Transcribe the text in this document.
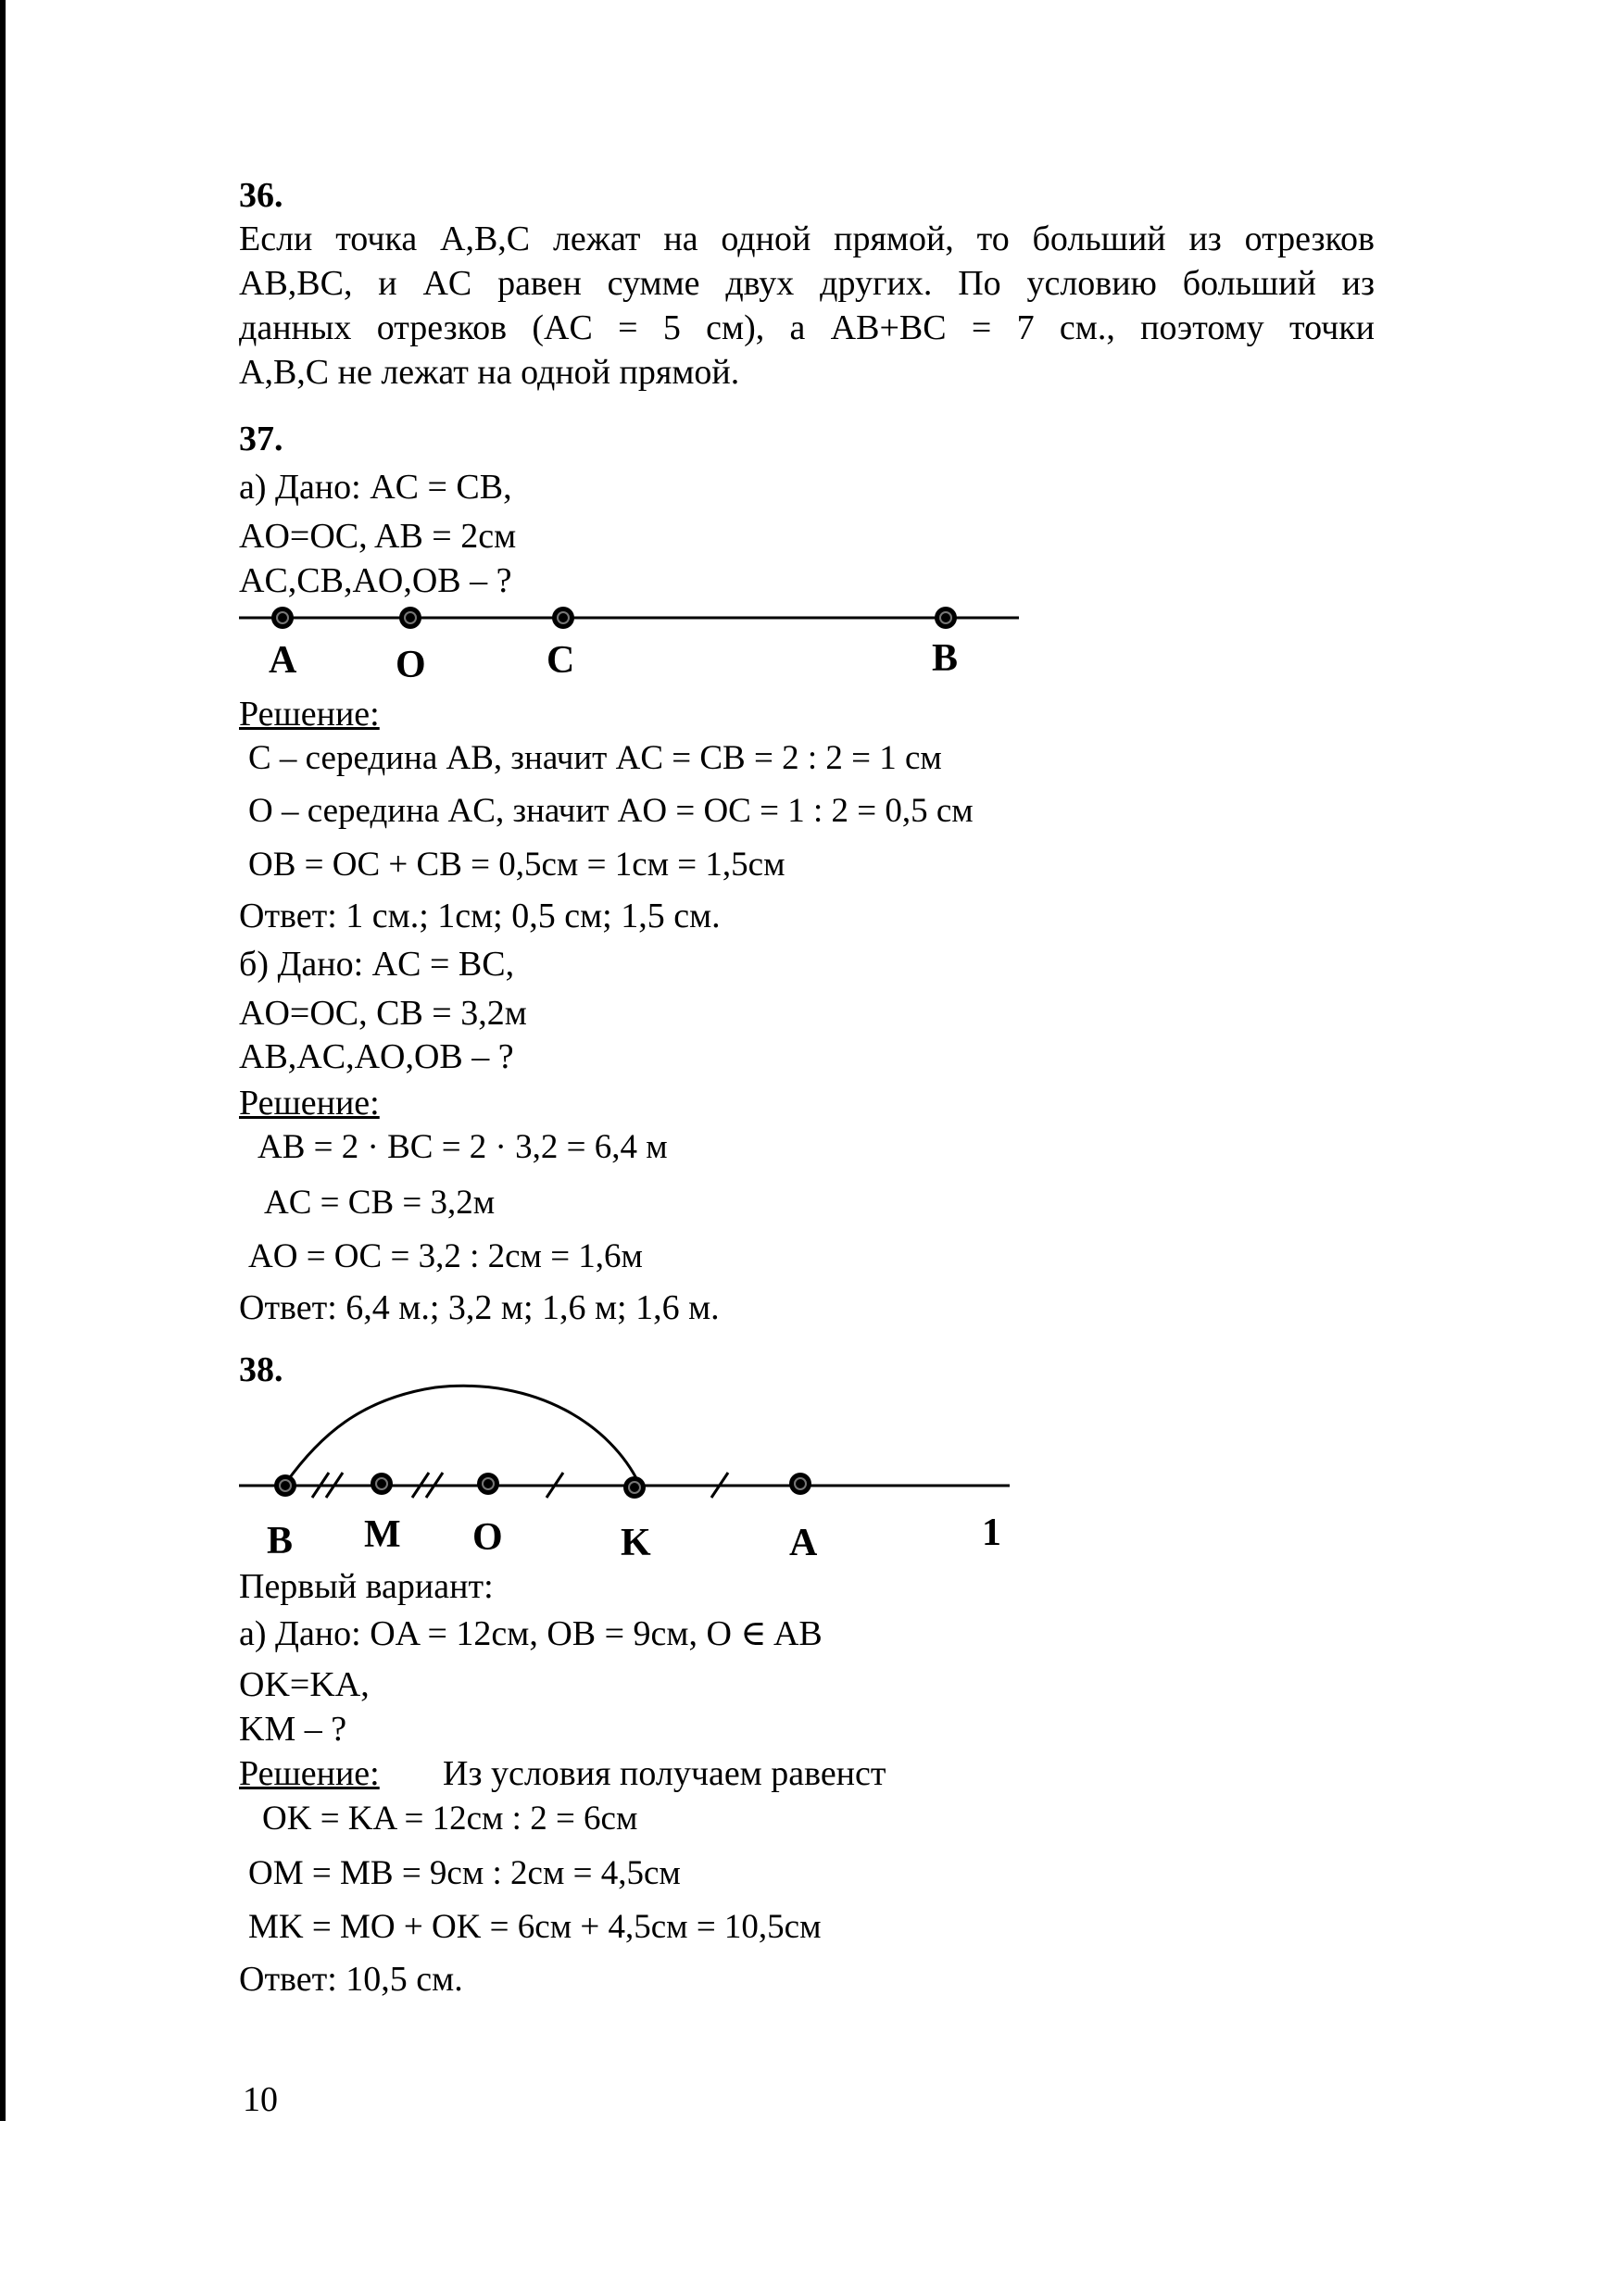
36.
Если точка A,B,C лежат на одной прямой, то больший из отрезков
AB,BC, и AC равен сумме двух других. По условию больший из
данных отрезков (AC = 5 см), а AB+BC = 7 см., поэтому точки
A,B,C не лежат на одной прямой.
37.
а) Дано: AC = CB,
AO=OC, AB = 2см
AC,CB,AO,OB – ?
A	O	C	B
Решение:
C – середина AB, значит AC = CB = 2 : 2 = 1 см
O – середина AC, значит AO = OC = 1 : 2 = 0,5 см
OB = OC + CB = 0,5см = 1см = 1,5см
Ответ: 1 см.; 1см; 0,5 см; 1,5 см.
б) Дано: AC = BC,
AO=OC, CB = 3,2м
AB,AC,AO,OB – ?
Решение:
AB = 2 · BC = 2 · 3,2 = 6,4 м
AC = CB = 3,2м
AO = OC = 3,2 : 2см = 1,6м
Ответ: 6,4 м.; 3,2 м; 1,6 м; 1,6 м.
38.
B M O	K	A	1
Первый вариант:
а) Дано: OA = 12см, OB = 9см, O ∈ AB
OK=KA,
KM – ?
Решение: Из условия получаем равенст
OK = KA = 12см : 2 = 6см
OM = MB = 9см : 2см = 4,5см
MK = MO + OK = 6см + 4,5см = 10,5см
Ответ: 10,5 см.
10
